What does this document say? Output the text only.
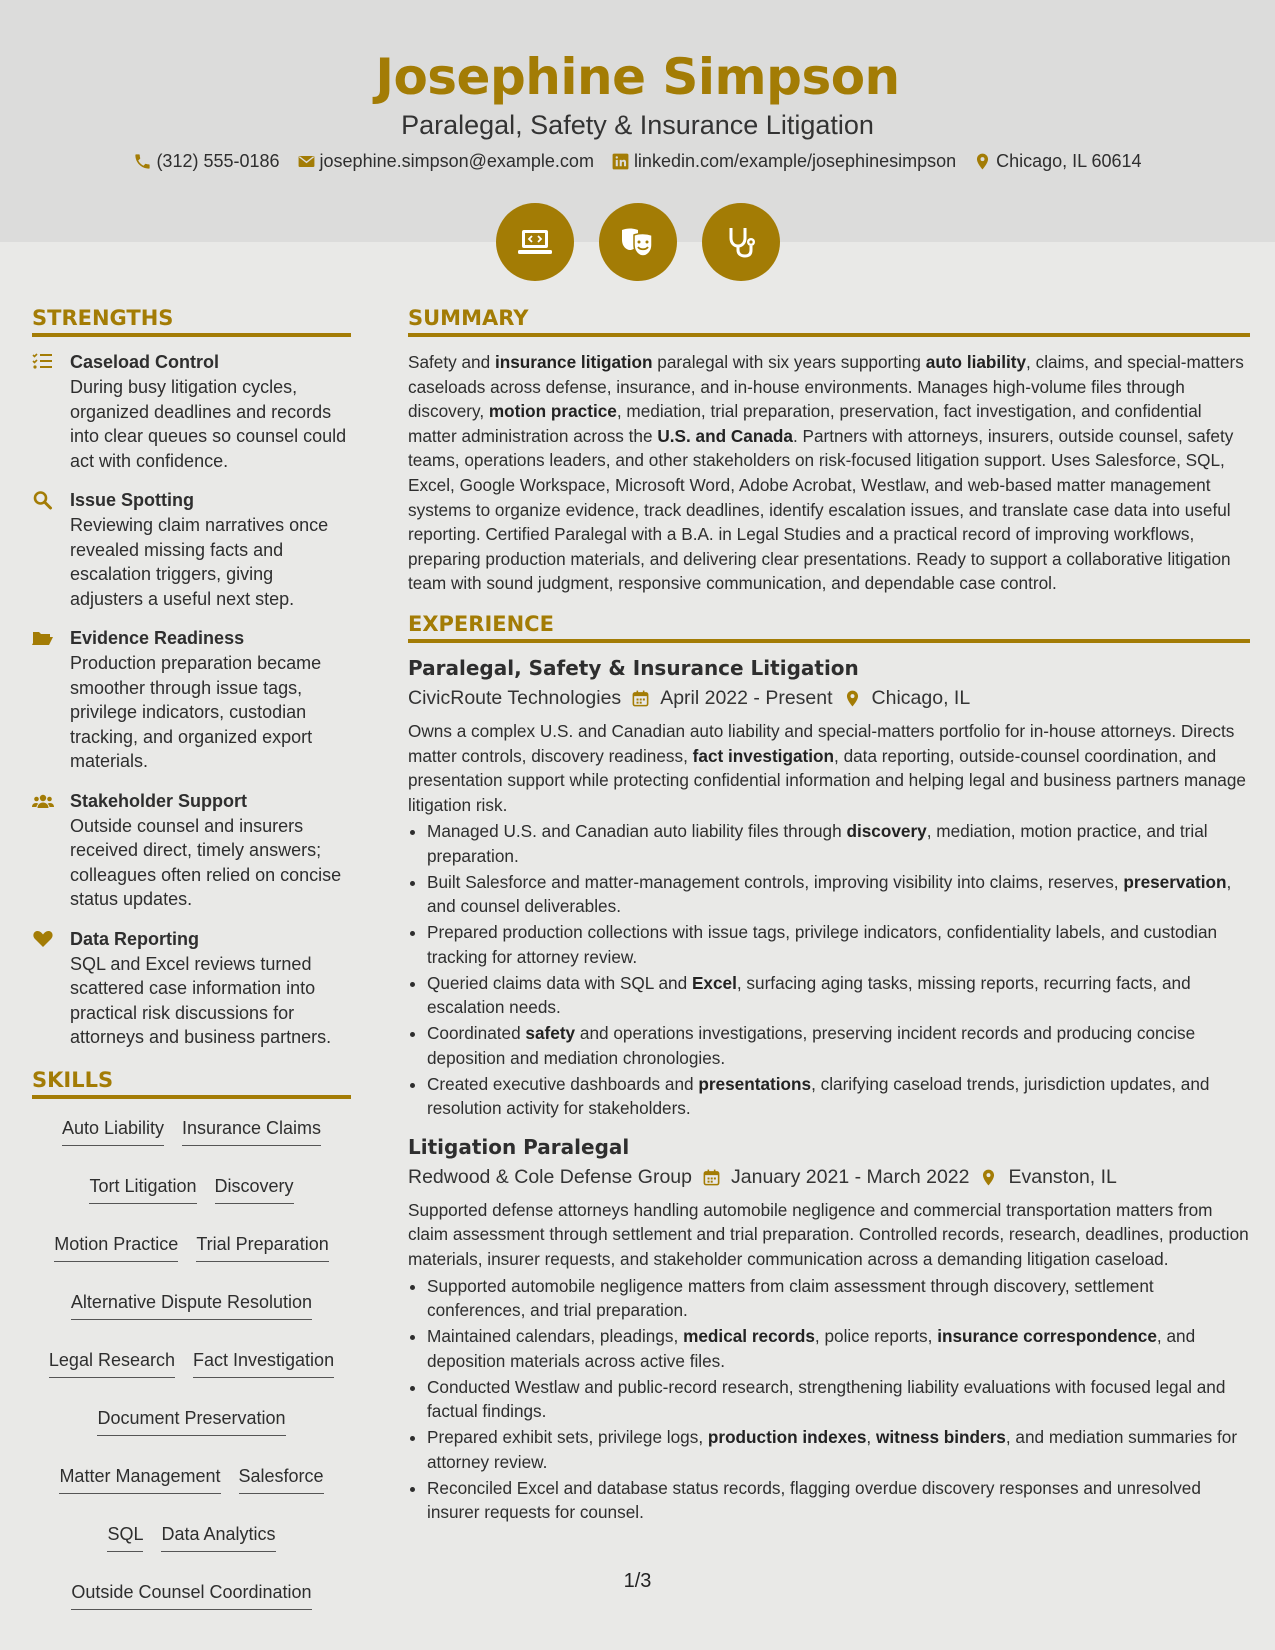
Josephine Simpson
Paralegal, Safety & Insurance Litigation
(312) 555-0186 josephine.simpson@example.com linkedin.com/example/josephinesimpson Chicago, IL 60614
STRENGTHS
Caseload Control
During busy litigation cycles, organized deadlines and records into clear queues so counsel could act with confidence.
Issue Spotting
Reviewing claim narratives once revealed missing facts and escalation triggers, giving adjusters a useful next step.
Evidence Readiness
Production preparation became smoother through issue tags, privilege indicators, custodian tracking, and organized export materials.
Stakeholder Support
Outside counsel and insurers received direct, timely answers; colleagues often relied on concise status updates.
Data Reporting
SQL and Excel reviews turned scattered case information into practical risk discussions for attorneys and business partners.
SKILLS
Auto Liability Insurance Claims
Tort Litigation Discovery
Motion Practice Trial Preparation
Alternative Dispute Resolution
Legal Research Fact Investigation
Document Preservation
Matter Management Salesforce
SQL Data Analytics
Outside Counsel Coordination
SUMMARY
Safety and insurance litigation paralegal with six years supporting auto liability, claims, and special-matters caseloads across defense, insurance, and in-house environments. Manages high-volume files through discovery, motion practice, mediation, trial preparation, preservation, fact investigation, and confidential matter administration across the U.S. and Canada. Partners with attorneys, insurers, outside counsel, safety teams, operations leaders, and other stakeholders on risk-focused litigation support. Uses Salesforce, SQL, Excel, Google Workspace, Microsoft Word, Adobe Acrobat, Westlaw, and web-based matter management systems to organize evidence, track deadlines, identify escalation issues, and translate case data into useful reporting. Certified Paralegal with a B.A. in Legal Studies and a practical record of improving workflows, preparing production materials, and delivering clear presentations. Ready to support a collaborative litigation team with sound judgment, responsive communication, and dependable case control.
EXPERIENCE
Paralegal, Safety & Insurance Litigation
CivicRoute Technologies April 2022 - Present Chicago, IL
Owns a complex U.S. and Canadian auto liability and special-matters portfolio for in-house attorneys. Directs matter controls, discovery readiness, fact investigation, data reporting, outside-counsel coordination, and presentation support while protecting confidential information and helping legal and business partners manage litigation risk.
• Managed U.S. and Canadian auto liability files through discovery, mediation, motion practice, and trial preparation.
• Built Salesforce and matter-management controls, improving visibility into claims, reserves, preservation, and counsel deliverables.
• Prepared production collections with issue tags, privilege indicators, confidentiality labels, and custodian tracking for attorney review.
• Queried claims data with SQL and Excel, surfacing aging tasks, missing reports, recurring facts, and escalation needs.
• Coordinated safety and operations investigations, preserving incident records and producing concise deposition and mediation chronologies.
• Created executive dashboards and presentations, clarifying caseload trends, jurisdiction updates, and resolution activity for stakeholders.
Litigation Paralegal
Redwood & Cole Defense Group January 2021 - March 2022 Evanston, IL
Supported defense attorneys handling automobile negligence and commercial transportation matters from claim assessment through settlement and trial preparation. Controlled records, research, deadlines, production materials, insurer requests, and stakeholder communication across a demanding litigation caseload.
• Supported automobile negligence matters from claim assessment through discovery, settlement conferences, and trial preparation.
• Maintained calendars, pleadings, medical records, police reports, insurance correspondence, and deposition materials across active files.
• Conducted Westlaw and public-record research, strengthening liability evaluations with focused legal and factual findings.
• Prepared exhibit sets, privilege logs, production indexes, witness binders, and mediation summaries for attorney review.
• Reconciled Excel and database status records, flagging overdue discovery responses and unresolved insurer requests for counsel.
1/3
